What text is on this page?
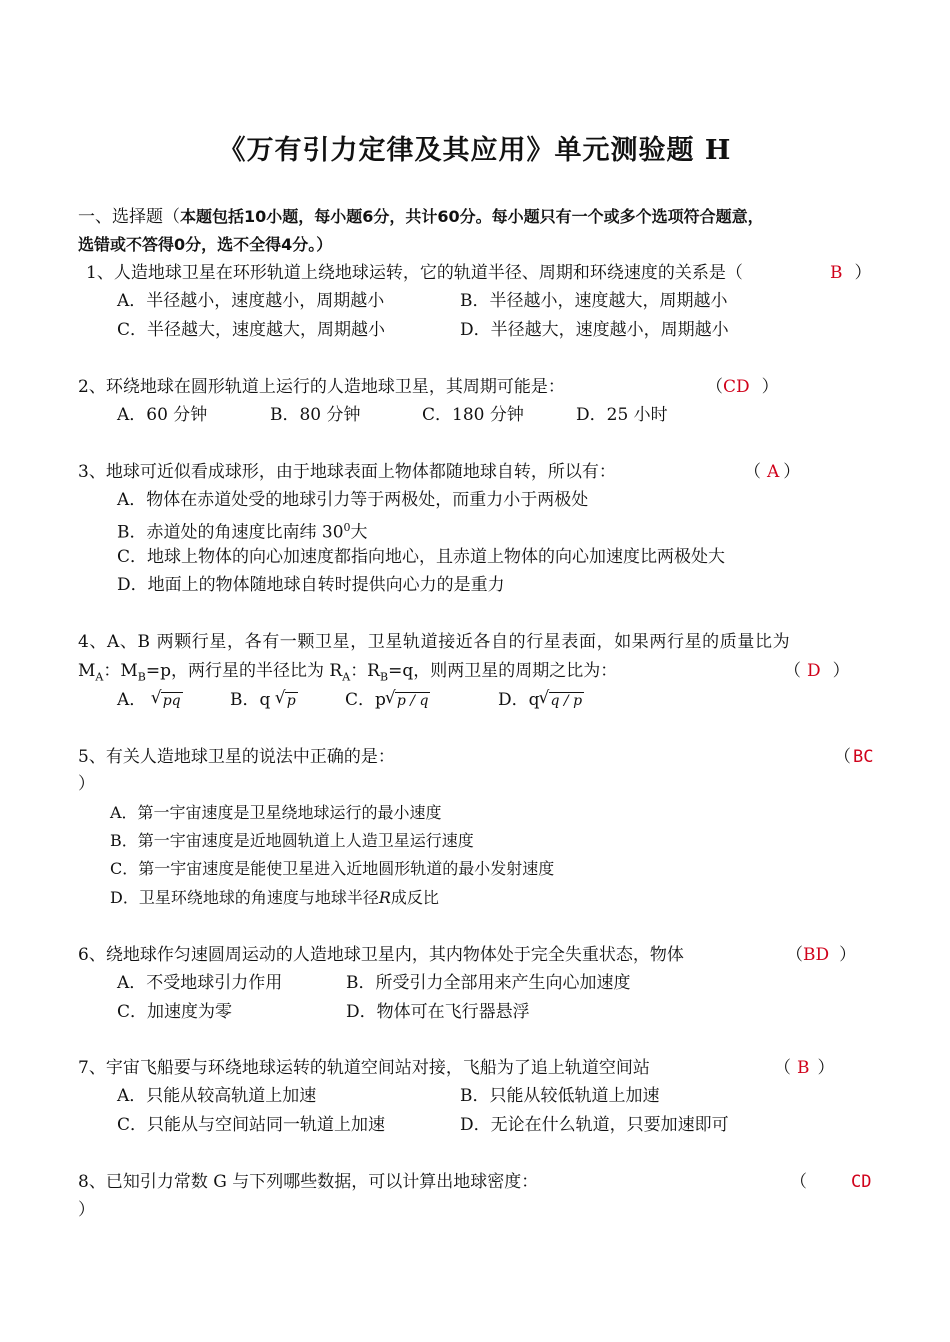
《万有引力定律及其应用》单元测验题 H
一、选择题（本题包括10小题，每小题6分，共计60分。每小题只有一个或多个选项符合题意，
选错或不答得0分，选不全得4分。）
1、人造地球卫星在环形轨道上绕地球运转，它的轨道半径、周期和环绕速度的关系是（	B ）
A．半径越小，速度越小，周期越小	B．半径越小，速度越大，周期越小
C．半径越大，速度越大，周期越小	D．半径越大，速度越小，周期越小
2、环绕地球在圆形轨道上运行的人造地球卫星，其周期可能是：	（CD ）
A．60 分钟	B．80 分钟	C．180 分钟	D．25 小时
3、地球可近似看成球形，由于地球表面上物体都随地球自转，所以有：	（ A ）
A．物体在赤道处受的地球引力等于两极处，而重力小于两极处
B．赤道处的角速度比南纬 $30^0$大
C．地球上物体的向心加速度都指向地心，且赤道上物体的向心加速度比两极处大
D．地面上的物体随地球自转时提供向心力的是重力
4、A、B 两颗行星，各有一颗卫星，卫星轨道接近各自的行星表面，如果两行星的质量比为
$M_A$：$M_B=p$，两行星的半径比为 $R_A$：$R_B=q$，则两卫星的周期之比为：	（ D ）
A． √ pq	B．q √ p	C．p √ p / q	D．q √ q / p
5、有关人造地球卫星的说法中正确的是：	（ BC
）
A．第一宇宙速度是卫星绕地球运行的最小速度
B．第一宇宙速度是近地圆轨道上人造卫星运行速度
C．第一宇宙速度是能使卫星进入近地圆形轨道的最小发射速度
D．卫星环绕地球的角速度与地球半径R成反比
6、绕地球作匀速圆周运动的人造地球卫星内，其内物体处于完全失重状态，物体	（BD ）
A．不受地球引力作用	B．所受引力全部用来产生向心加速度
C．加速度为零	D．物体可在飞行器悬浮
7、宇宙飞船要与环绕地球运转的轨道空间站对接，飞船为了追上轨道空间站	（ B ）
A．只能从较高轨道上加速	B．只能从较低轨道上加速
C．只能从与空间站同一轨道上加速	D．无论在什么轨道，只要加速即可
8、已知引力常数 G 与下列哪些数据，可以计算出地球密度：	（	CD
）
